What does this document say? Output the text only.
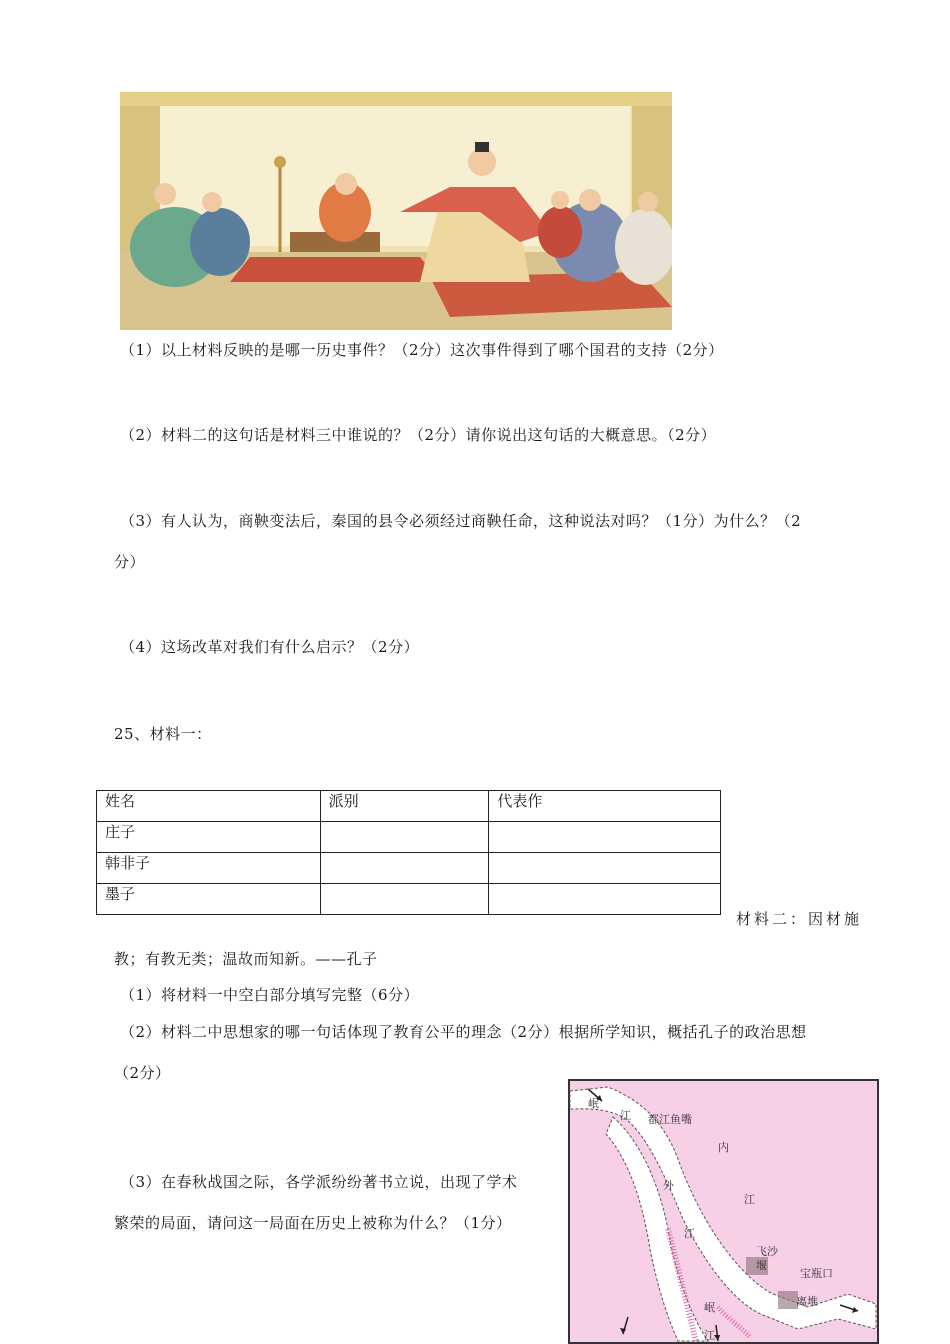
（1）以上材料反映的是哪一历史事件？（2分）这次事件得到了哪个国君的支持（2分）
（2）材料二的这句话是材料三中谁说的？（2分）请你说出这句话的大概意思。（2分）
（3）有人认为，商鞅变法后，秦国的县令必须经过商鞅任命，这种说法对吗？（1分）为什么？（2
分）
（4）这场改革对我们有什么启示？（2分）
25、材料一：
姓名	派别	代表作
庄子		
韩非子		
墨子		
材料二：因材施
教；有教无类；温故而知新。——孔子
（1）将材料一中空白部分填写完整（6分）
（2）材料二中思想家的哪一句话体现了教育公平的理念（2分）根据所学知识，概括孔子的政治思想
（2分）
（3）在春秋战国之际，各学派纷纷著书立说，出现了学术
繁荣的局面，请问这一局面在历史上被称为什么？（1分）
岷
江 都江鱼嘴
内
江
外
江
飞沙
堰
宝瓶口
离堆
岷
江
